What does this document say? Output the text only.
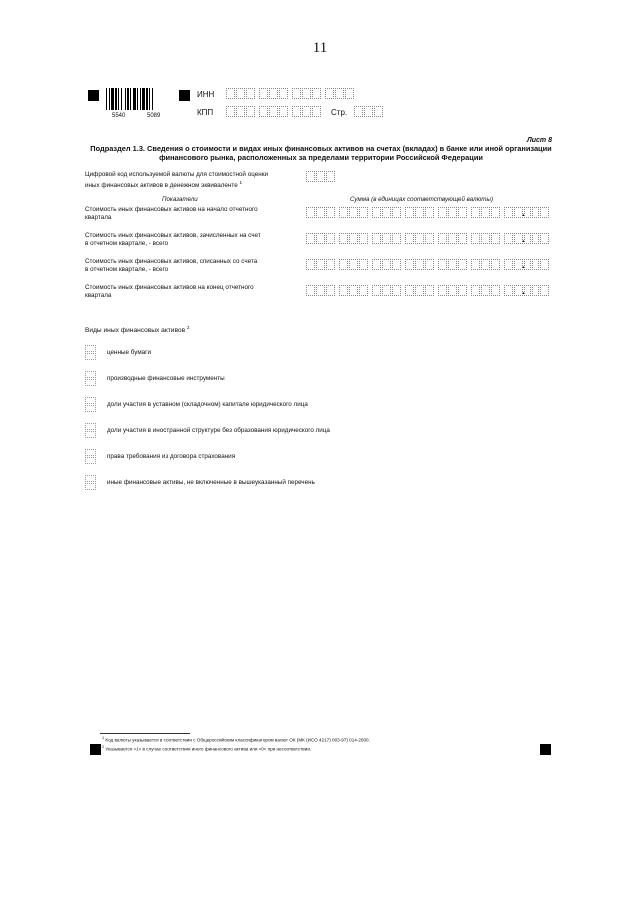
11
5540	5089
ИНН
КПП	Стр.
Лист 8
Подраздел 1.3. Сведения о стоимости и видах иных финансовых активов на счетах (вкладах) в банке или иной организации финансового рынка, расположенных за пределами территории Российской Федерации
Цифровой код используемой валюты для стоимостной оценки
иных финансовых активов в денежном эквиваленте $^1$
Показатели	Сумма (в единицах соответствующей валюты)
Стоимость иных финансовых активов на начало отчетного
квартала	.
Стоимость иных финансовых активов, зачисленных на счет
в отчетном квартале, - всего	.
Стоимость иных финансовых активов, списанных со счета
в отчетном квартале, - всего	.
Стоимость иных финансовых активов на конец отчетного
квартала	.
Виды иных финансовых активов $^2$
ценные бумаги
производные финансовые инструменты
доли участия в уставном (складочном) капитале юридического лица
доли участия в иностранной структуре без образования юридического лица
права требования из договора страхования
иные финансовые активы, не включенные в вышеуказанный перечень
$^1$ Код валюты указывается в соответствии с Общероссийским классификатором валют ОК (МК (ИСО 4217) 003-97) 014-2000.
$^2$ Указывается «1» в случае соответствия иного финансового актива или «0» при несоответствии.
